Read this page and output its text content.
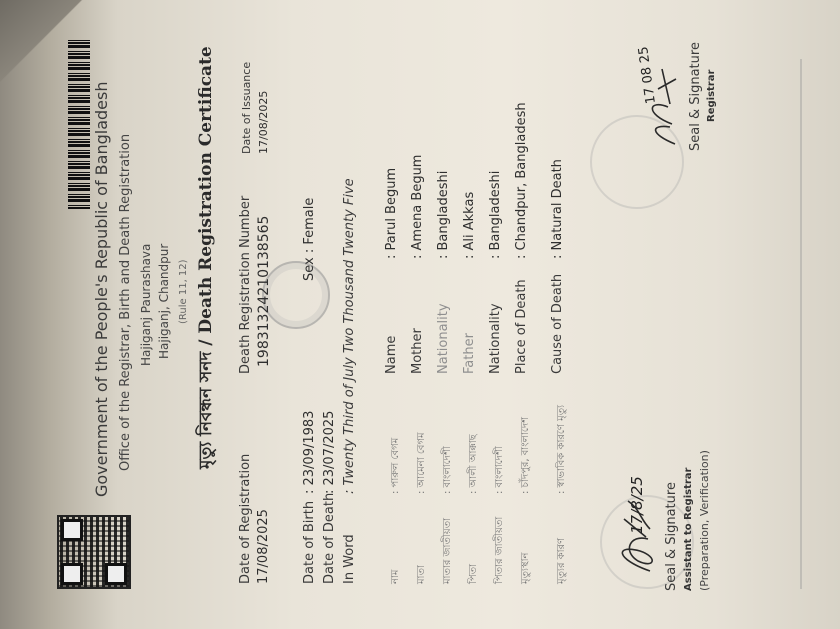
Government of the People's Republic of Bangladesh Office of the Registrar, Birth and Death Registration Hajiganj Paurashava Hajiganj, Chandpur (Rule 11, 12)
মৃত্যু নিবন্ধন সনদ / Death Registration Certificate
Date of Registration 17/08/2025
Death Registration Number 19831324210138565
Date of Issuance 17/08/2025
Date of Birth
: 23/09/1983
Sex : Female
Date of Death
: 23/07/2025
In Word
: Twenty Third of July Two Thousand Twenty Five
নাম
: পারুল বেগম
Name
: Parul Begum
মাতা
: আমেনা বেগম
Mother
: Amena Begum
মাতার জাতীয়তা
: বাংলাদেশী
Nationality
: Bangladeshi
পিতা
: আলী আক্কাছ
Father
: Ali Akkas
পিতার জাতীয়তা
: বাংলাদেশী
Nationality
: Bangladeshi
মৃত্যুস্থান
: চাঁদপুর, বাংলাদেশ
Place of Death
: Chandpur, Bangladesh
মৃত্যুর কারণ
: স্বাভাবিক কারণে মৃত্যু
Cause of Death
: Natural Death
17/8/25 Seal & Signature Assistant to Registrar (Preparation, Verification)
17 08 25 Seal & Signature Registrar
